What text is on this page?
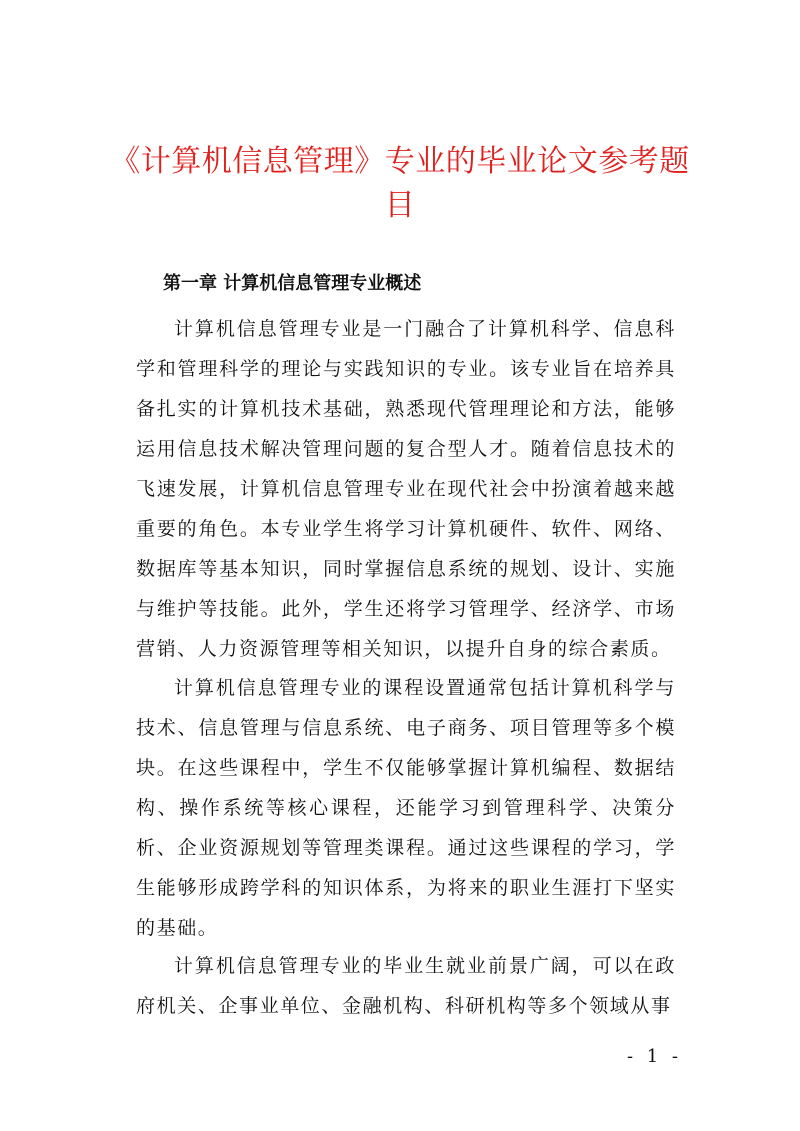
《计算机信息管理》专业的毕业论文参考题目
第一章 计算机信息管理专业概述

计算机信息管理专业是一门融合了计算机科学、信息科学和管理科学的理论与实践知识的专业。该专业旨在培养具备扎实的计算机技术基础，熟悉现代管理理论和方法，能够运用信息技术解决管理问题的复合型人才。随着信息技术的飞速发展，计算机信息管理专业在现代社会中扮演着越来越重要的角色。本专业学生将学习计算机硬件、软件、网络、数据库等基本知识，同时掌握信息系统的规划、设计、实施与维护等技能。此外，学生还将学习管理学、经济学、市场营销、人力资源管理等相关知识，以提升自身的综合素质。

计算机信息管理专业的课程设置通常包括计算机科学与技术、信息管理与信息系统、电子商务、项目管理等多个模块。在这些课程中，学生不仅能够掌握计算机编程、数据结构、操作系统等核心课程，还能学习到管理科学、决策分析、企业资源规划等管理类课程。通过这些课程的学习，学生能够形成跨学科的知识体系，为将来的职业生涯打下坚实的基础。

计算机信息管理专业的毕业生就业前景广阔，可以在政府机关、企事业单位、金融机构、科研机构等多个领域从事

- 1 -
